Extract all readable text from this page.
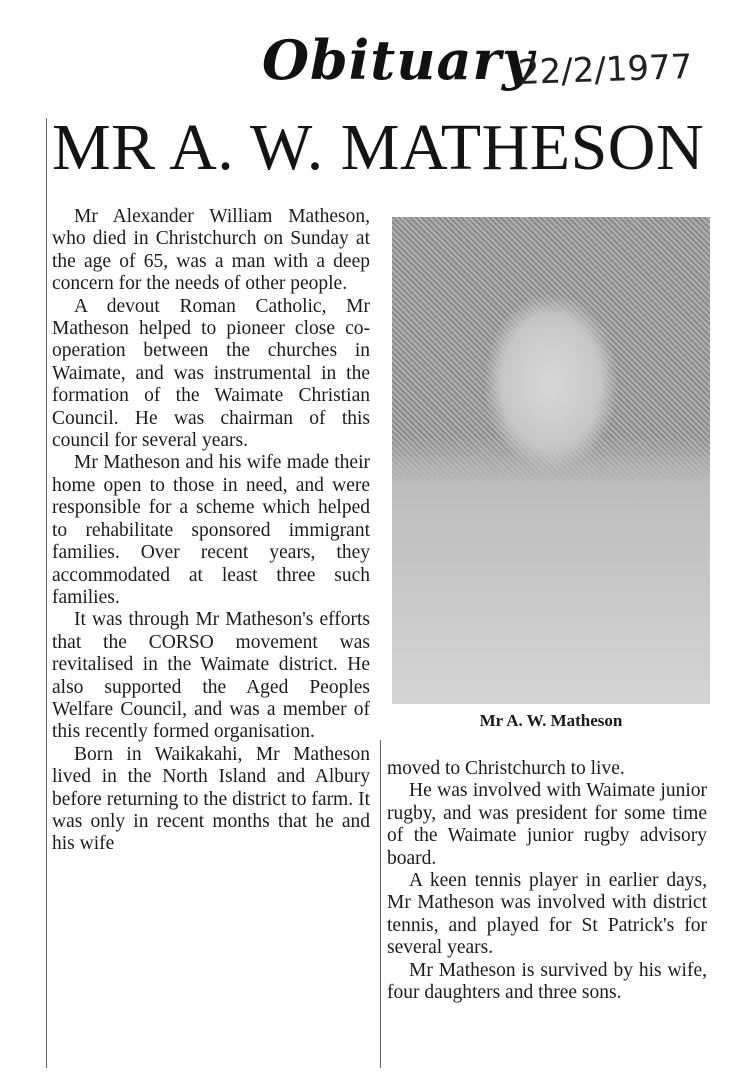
Obituary
22/2/1977
MR A. W. MATHESON

Mr Alexander William Matheson, who died in Christchurch on Sunday at the age of 65, was a man with a deep concern for the needs of other people.

A devout Roman Catholic, Mr Matheson helped to pioneer close co-operation between the churches in Waimate, and was instrumental in the formation of the Waimate Christian Council. He was chairman of this council for several years.

Mr Matheson and his wife made their home open to those in need, and were responsible for a scheme which helped to rehabilitate sponsored immigrant families. Over recent years, they accommodated at least three such families.

It was through Mr Matheson's efforts that the CORSO movement was revitalised in the Waimate district. He also supported the Aged Peoples Welfare Council, and was a member of this recently formed organisation.

Born in Waikakahi, Mr Matheson lived in the North Island and Albury before returning to the district to farm. It was only in recent months that he and his wife

Mr A. W. Matheson

moved to Christchurch to live.

He was involved with Waimate junior rugby, and was president for some time of the Waimate junior rugby advisory board.

A keen tennis player in earlier days, Mr Matheson was involved with district tennis, and played for St Patrick's for several years.

Mr Matheson is survived by his wife, four daughters and three sons.
